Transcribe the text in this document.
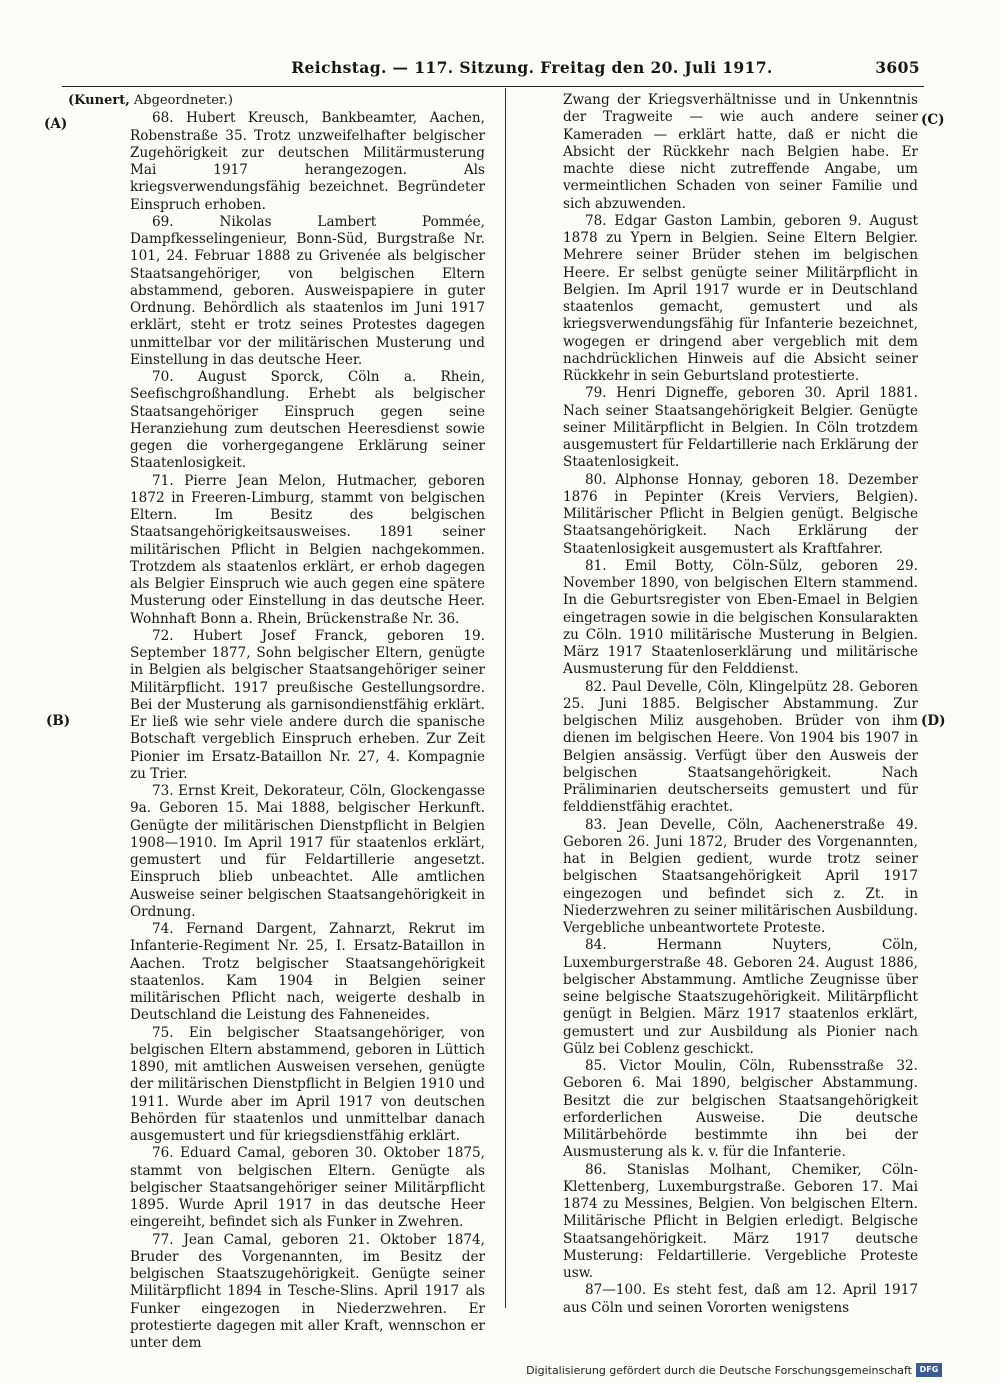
Reichstag. — 117. Sitzung. Freitag den 20. Juli 1917.	3605
(A)
(B)
(C)
(D)
(Kunert, Abgeordneter.)

68. Hubert Kreusch, Bankbeamter, Aachen, Robenstraße 35. Trotz unzweifelhafter belgischer Zugehörigkeit zur deutschen Militärmusterung Mai 1917 herangezogen. Als kriegsverwendungsfähig bezeichnet. Begründeter Einspruch erhoben.

69. Nikolas Lambert Pommée, Dampfkesselingenieur, Bonn-Süd, Burgstraße Nr. 101, 24. Februar 1888 zu Grivenée als belgischer Staatsangehöriger, von belgischen Eltern abstammend, geboren. Ausweispapiere in guter Ordnung. Behördlich als staatenlos im Juni 1917 erklärt, steht er trotz seines Protestes dagegen unmittelbar vor der militärischen Musterung und Einstellung in das deutsche Heer.

70. August Sporck, Cöln a. Rhein, Seefischgroßhandlung. Erhebt als belgischer Staatsangehöriger Einspruch gegen seine Heranziehung zum deutschen Heeresdienst sowie gegen die vorhergegangene Erklärung seiner Staatenlosigkeit.

71. Pierre Jean Melon, Hutmacher, geboren 1872 in Freeren-Limburg, stammt von belgischen Eltern. Im Besitz des belgischen Staatsangehörigkeitsausweises. 1891 seiner militärischen Pflicht in Belgien nachgekommen. Trotzdem als staatenlos erklärt, er erhob dagegen als Belgier Einspruch wie auch gegen eine spätere Musterung oder Einstellung in das deutsche Heer. Wohnhaft Bonn a. Rhein, Brückenstraße Nr. 36.

72. Hubert Josef Franck, geboren 19. September 1877, Sohn belgischer Eltern, genügte in Belgien als belgischer Staatsangehöriger seiner Militärpflicht. 1917 preußische Gestellungsordre. Bei der Musterung als garnisondienstfähig erklärt. Er ließ wie sehr viele andere durch die spanische Botschaft vergeblich Einspruch erheben. Zur Zeit Pionier im Ersatz-Bataillon Nr. 27, 4. Kompagnie zu Trier.

73. Ernst Kreit, Dekorateur, Cöln, Glockengasse 9a. Geboren 15. Mai 1888, belgischer Herkunft. Genügte der militärischen Dienstpflicht in Belgien 1908—1910. Im April 1917 für staatenlos erklärt, gemustert und für Feldartillerie angesetzt. Einspruch blieb unbeachtet. Alle amtlichen Ausweise seiner belgischen Staatsangehörigkeit in Ordnung.

74. Fernand Dargent, Zahnarzt, Rekrut im Infanterie-Regiment Nr. 25, I. Ersatz-Bataillon in Aachen. Trotz belgischer Staatsangehörigkeit staatenlos. Kam 1904 in Belgien seiner militärischen Pflicht nach, weigerte deshalb in Deutschland die Leistung des Fahneneides.

75. Ein belgischer Staatsangehöriger, von belgischen Eltern abstammend, geboren in Lüttich 1890, mit amtlichen Ausweisen versehen, genügte der militärischen Dienstpflicht in Belgien 1910 und 1911. Wurde aber im April 1917 von deutschen Behörden für staatenlos und unmittelbar danach ausgemustert und für kriegsdienstfähig erklärt.

76. Eduard Camal, geboren 30. Oktober 1875, stammt von belgischen Eltern. Genügte als belgischer Staatsangehöriger seiner Militärpflicht 1895. Wurde April 1917 in das deutsche Heer eingereiht, befindet sich als Funker in Zwehren.

77. Jean Camal, geboren 21. Oktober 1874, Bruder des Vorgenannten, im Besitz der belgischen Staatszugehörigkeit. Genügte seiner Militärpflicht 1894 in Tesche-Slins. April 1917 als Funker eingezogen in Niederzwehren. Er protestierte dagegen mit aller Kraft, wennschon er unter dem

Zwang der Kriegsverhältnisse und in Unkenntnis der Tragweite — wie auch andere seiner Kameraden — erklärt hatte, daß er nicht die Absicht der Rückkehr nach Belgien habe. Er machte diese nicht zutreffende Angabe, um vermeintlichen Schaden von seiner Familie und sich abzuwenden.

78. Edgar Gaston Lambin, geboren 9. August 1878 zu Ypern in Belgien. Seine Eltern Belgier. Mehrere seiner Brüder stehen im belgischen Heere. Er selbst genügte seiner Militärpflicht in Belgien. Im April 1917 wurde er in Deutschland staatenlos gemacht, gemustert und als kriegsverwendungsfähig für Infanterie bezeichnet, wogegen er dringend aber vergeblich mit dem nachdrücklichen Hinweis auf die Absicht seiner Rückkehr in sein Geburtsland protestierte.

79. Henri Digneffe, geboren 30. April 1881. Nach seiner Staatsangehörigkeit Belgier. Genügte seiner Militärpflicht in Belgien. In Cöln trotzdem ausgemustert für Feldartillerie nach Erklärung der Staatenlosigkeit.

80. Alphonse Honnay, geboren 18. Dezember 1876 in Pepinter (Kreis Verviers, Belgien). Militärischer Pflicht in Belgien genügt. Belgische Staatsangehörigkeit. Nach Erklärung der Staatenlosigkeit ausgemustert als Kraftfahrer.

81. Emil Botty, Cöln-Sülz, geboren 29. November 1890, von belgischen Eltern stammend. In die Geburtsregister von Eben-Emael in Belgien eingetragen sowie in die belgischen Konsularakten zu Cöln. 1910 militärische Musterung in Belgien. März 1917 Staatenloserklärung und militärische Ausmusterung für den Felddienst.

82. Paul Develle, Cöln, Klingelpütz 28. Geboren 25. Juni 1885. Belgischer Abstammung. Zur belgischen Miliz ausgehoben. Brüder von ihm dienen im belgischen Heere. Von 1904 bis 1907 in Belgien ansässig. Verfügt über den Ausweis der belgischen Staatsangehörigkeit. Nach Präliminarien deutscherseits gemustert und für felddienstfähig erachtet.

83. Jean Develle, Cöln, Aachenerstraße 49. Geboren 26. Juni 1872, Bruder des Vorgenannten, hat in Belgien gedient, wurde trotz seiner belgischen Staatsangehörigkeit April 1917 eingezogen und befindet sich z. Zt. in Niederzwehren zu seiner militärischen Ausbildung. Vergebliche unbeantwortete Proteste.

84. Hermann Nuyters, Cöln, Luxemburgerstraße 48. Geboren 24. August 1886, belgischer Abstammung. Amtliche Zeugnisse über seine belgische Staatszugehörigkeit. Militärpflicht genügt in Belgien. März 1917 staatenlos erklärt, gemustert und zur Ausbildung als Pionier nach Gülz bei Coblenz geschickt.

85. Victor Moulin, Cöln, Rubensstraße 32. Geboren 6. Mai 1890, belgischer Abstammung. Besitzt die zur belgischen Staatsangehörigkeit erforderlichen Ausweise. Die deutsche Militärbehörde bestimmte ihn bei der Ausmusterung als k. v. für die Infanterie.

86. Stanislas Molhant, Chemiker, Cöln-Klettenberg, Luxemburgstraße. Geboren 17. Mai 1874 zu Messines, Belgien. Von belgischen Eltern. Militärische Pflicht in Belgien erledigt. Belgische Staatsangehörigkeit. März 1917 deutsche Musterung: Feldartillerie. Vergebliche Proteste usw.

87—100. Es steht fest, daß am 12. April 1917 aus Cöln und seinen Vororten wenigstens

Digitalisierung gefördert durch die Deutsche Forschungsgemeinschaft DFG
